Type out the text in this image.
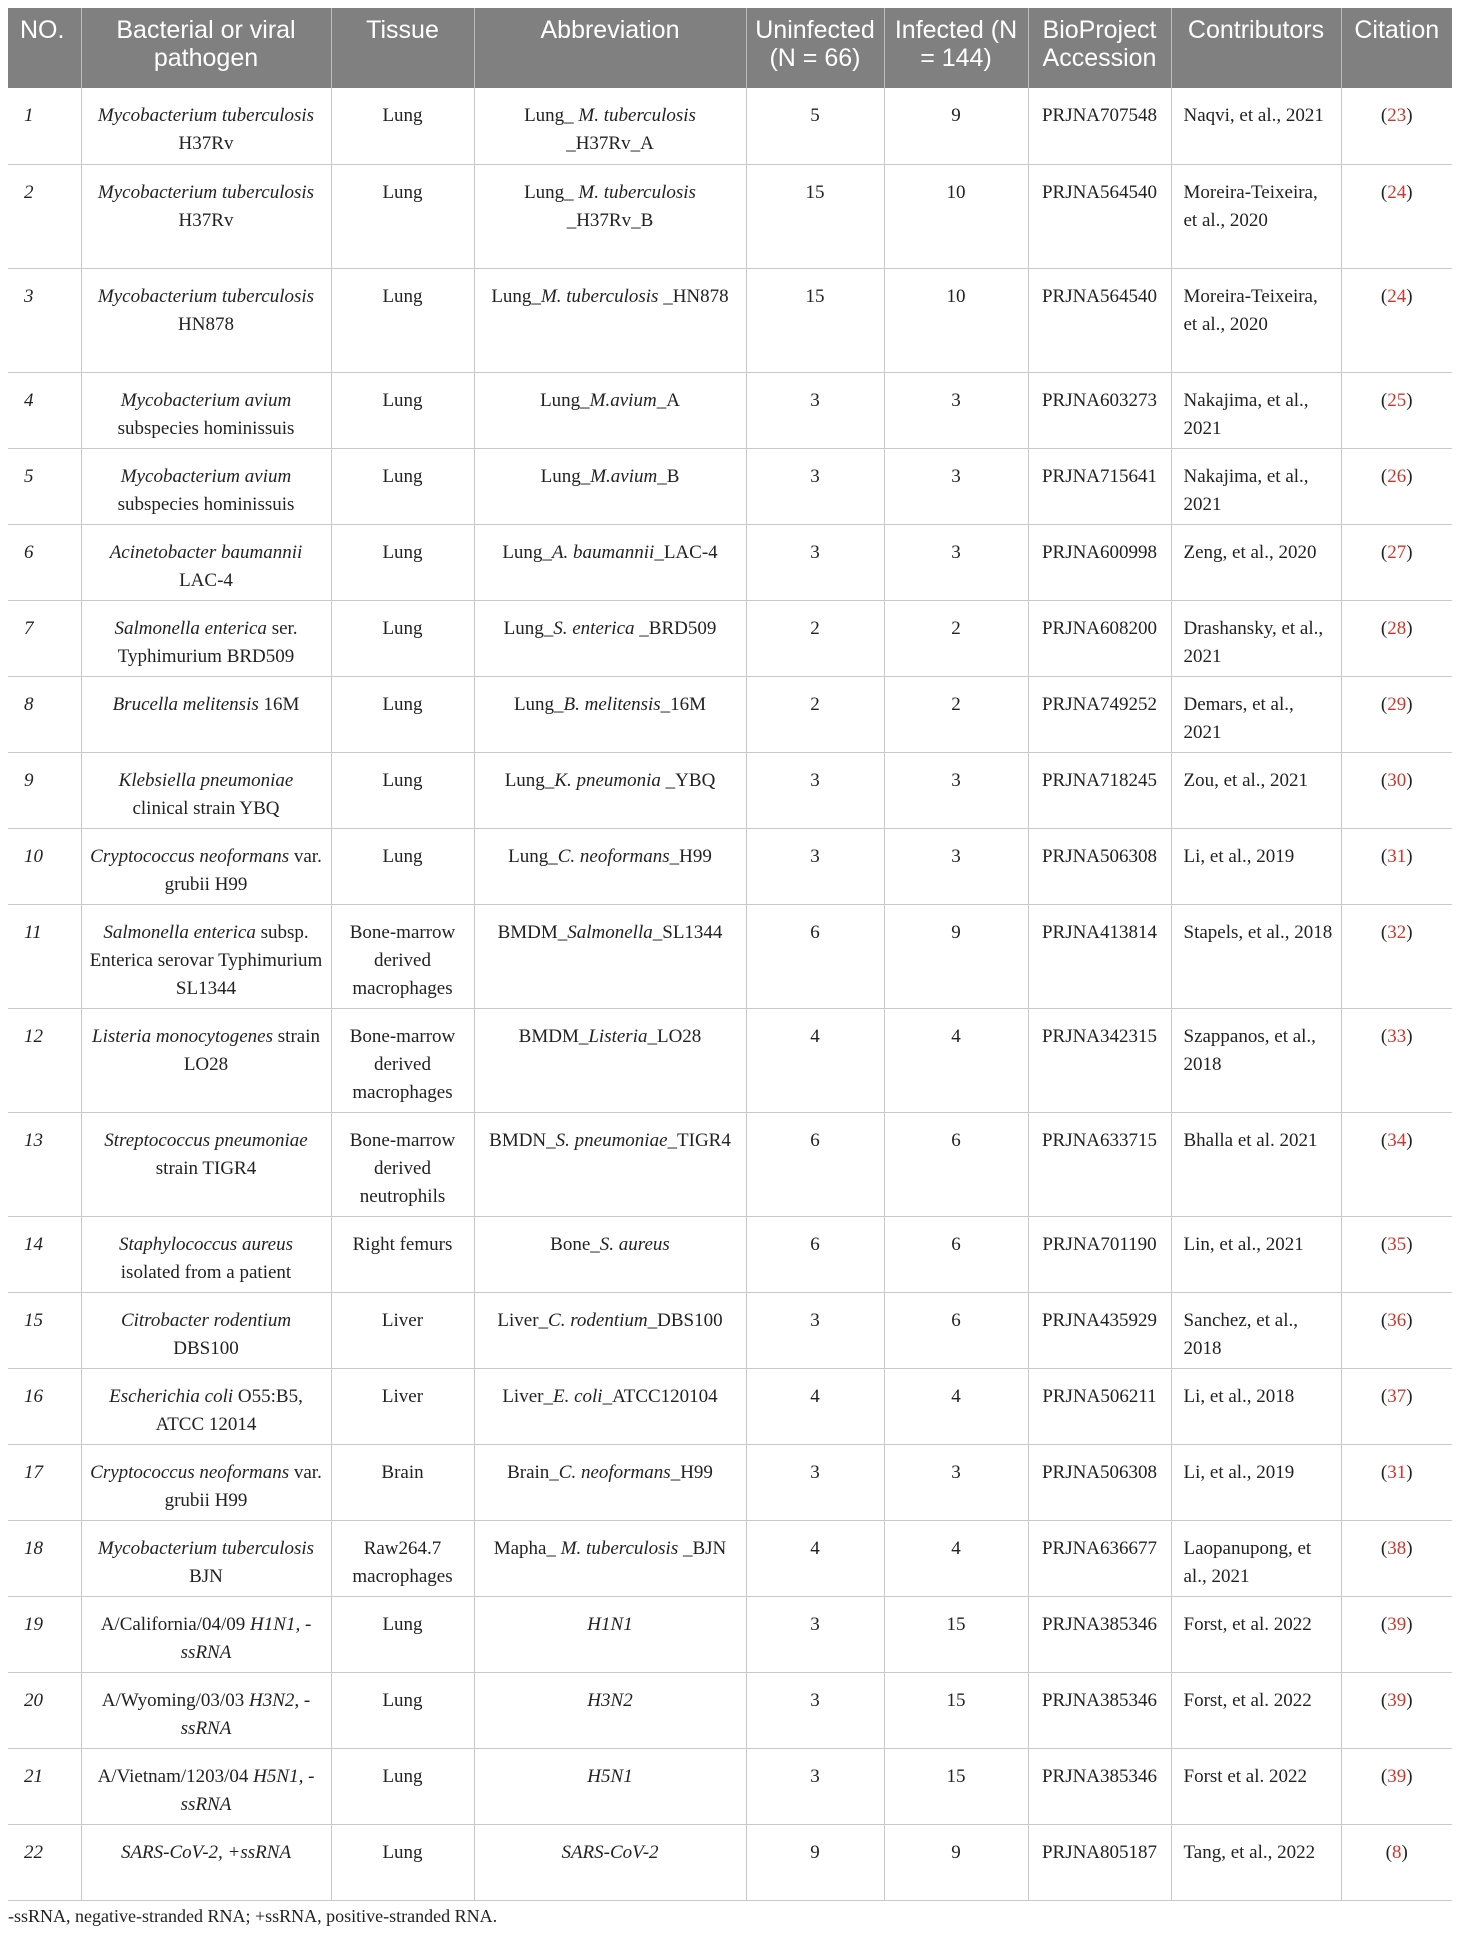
NO.	Bacterial or viral pathogen	Tissue	Abbreviation	Uninfected (N = 66)	Infected (N = 144)	BioProject Accession	Contributors	Citation
1	Mycobacterium tuberculosis H37Rv	Lung	Lung_ M. tuberculosis _H37Rv_A	5	9	PRJNA707548	Naqvi, et al., 2021	(23)
2	Mycobacterium tuberculosis H37Rv	Lung	Lung_ M. tuberculosis _H37Rv_B	15	10	PRJNA564540	Moreira-Teixeira, et al., 2020	(24)
3	Mycobacterium tuberculosis HN878	Lung	Lung_M. tuberculosis _HN878	15	10	PRJNA564540	Moreira-Teixeira, et al., 2020	(24)
4	Mycobacterium avium subspecies hominissuis	Lung	Lung_M.avium_A	3	3	PRJNA603273	Nakajima, et al., 2021	(25)
5	Mycobacterium avium subspecies hominissuis	Lung	Lung_M.avium_B	3	3	PRJNA715641	Nakajima, et al., 2021	(26)
6	Acinetobacter baumannii LAC-4	Lung	Lung_A. baumannii_LAC-4	3	3	PRJNA600998	Zeng, et al., 2020	(27)
7	Salmonella enterica ser. Typhimurium BRD509	Lung	Lung_S. enterica _BRD509	2	2	PRJNA608200	Drashansky, et al., 2021	(28)
8	Brucella melitensis 16M	Lung	Lung_B. melitensis_16M	2	2	PRJNA749252	Demars, et al., 2021	(29)
9	Klebsiella pneumoniae clinical strain YBQ	Lung	Lung_K. pneumonia _YBQ	3	3	PRJNA718245	Zou, et al., 2021	(30)
10	Cryptococcus neoformans var. grubii H99	Lung	Lung_C. neoformans_H99	3	3	PRJNA506308	Li, et al., 2019	(31)
11	Salmonella enterica subsp. Enterica serovar Typhimurium SL1344	Bone-marrow derived macrophages	BMDM_Salmonella_SL1344	6	9	PRJNA413814	Stapels, et al., 2018	(32)
12	Listeria monocytogenes strain LO28	Bone-marrow derived macrophages	BMDM_Listeria_LO28	4	4	PRJNA342315	Szappanos, et al., 2018	(33)
13	Streptococcus pneumoniae strain TIGR4	Bone-marrow derived neutrophils	BMDN_S. pneumoniae_TIGR4	6	6	PRJNA633715	Bhalla et al. 2021	(34)
14	Staphylococcus aureus isolated from a patient	Right femurs	Bone_S. aureus	6	6	PRJNA701190	Lin, et al., 2021	(35)
15	Citrobacter rodentium DBS100	Liver	Liver_C. rodentium_DBS100	3	6	PRJNA435929	Sanchez, et al., 2018	(36)
16	Escherichia coli O55:B5, ATCC 12014	Liver	Liver_E. coli_ATCC120104	4	4	PRJNA506211	Li, et al., 2018	(37)
17	Cryptococcus neoformans var. grubii H99	Brain	Brain_C. neoformans_H99	3	3	PRJNA506308	Li, et al., 2019	(31)
18	Mycobacterium tuberculosis BJN	Raw264.7 macrophages	Mapha_ M. tuberculosis _BJN	4	4	PRJNA636677	Laopanupong, et al., 2021	(38)
19	A/California/04/09 H1N1, -ssRNA	Lung	H1N1	3	15	PRJNA385346	Forst, et al. 2022	(39)
20	A/Wyoming/03/03 H3N2, -ssRNA	Lung	H3N2	3	15	PRJNA385346	Forst, et al. 2022	(39)
21	A/Vietnam/1203/04 H5N1, -ssRNA	Lung	H5N1	3	15	PRJNA385346	Forst et al. 2022	(39)
22	SARS-CoV-2, +ssRNA	Lung	SARS-CoV-2	9	9	PRJNA805187	Tang, et al., 2022	(8)
-ssRNA, negative-stranded RNA; +ssRNA, positive-stranded RNA.
